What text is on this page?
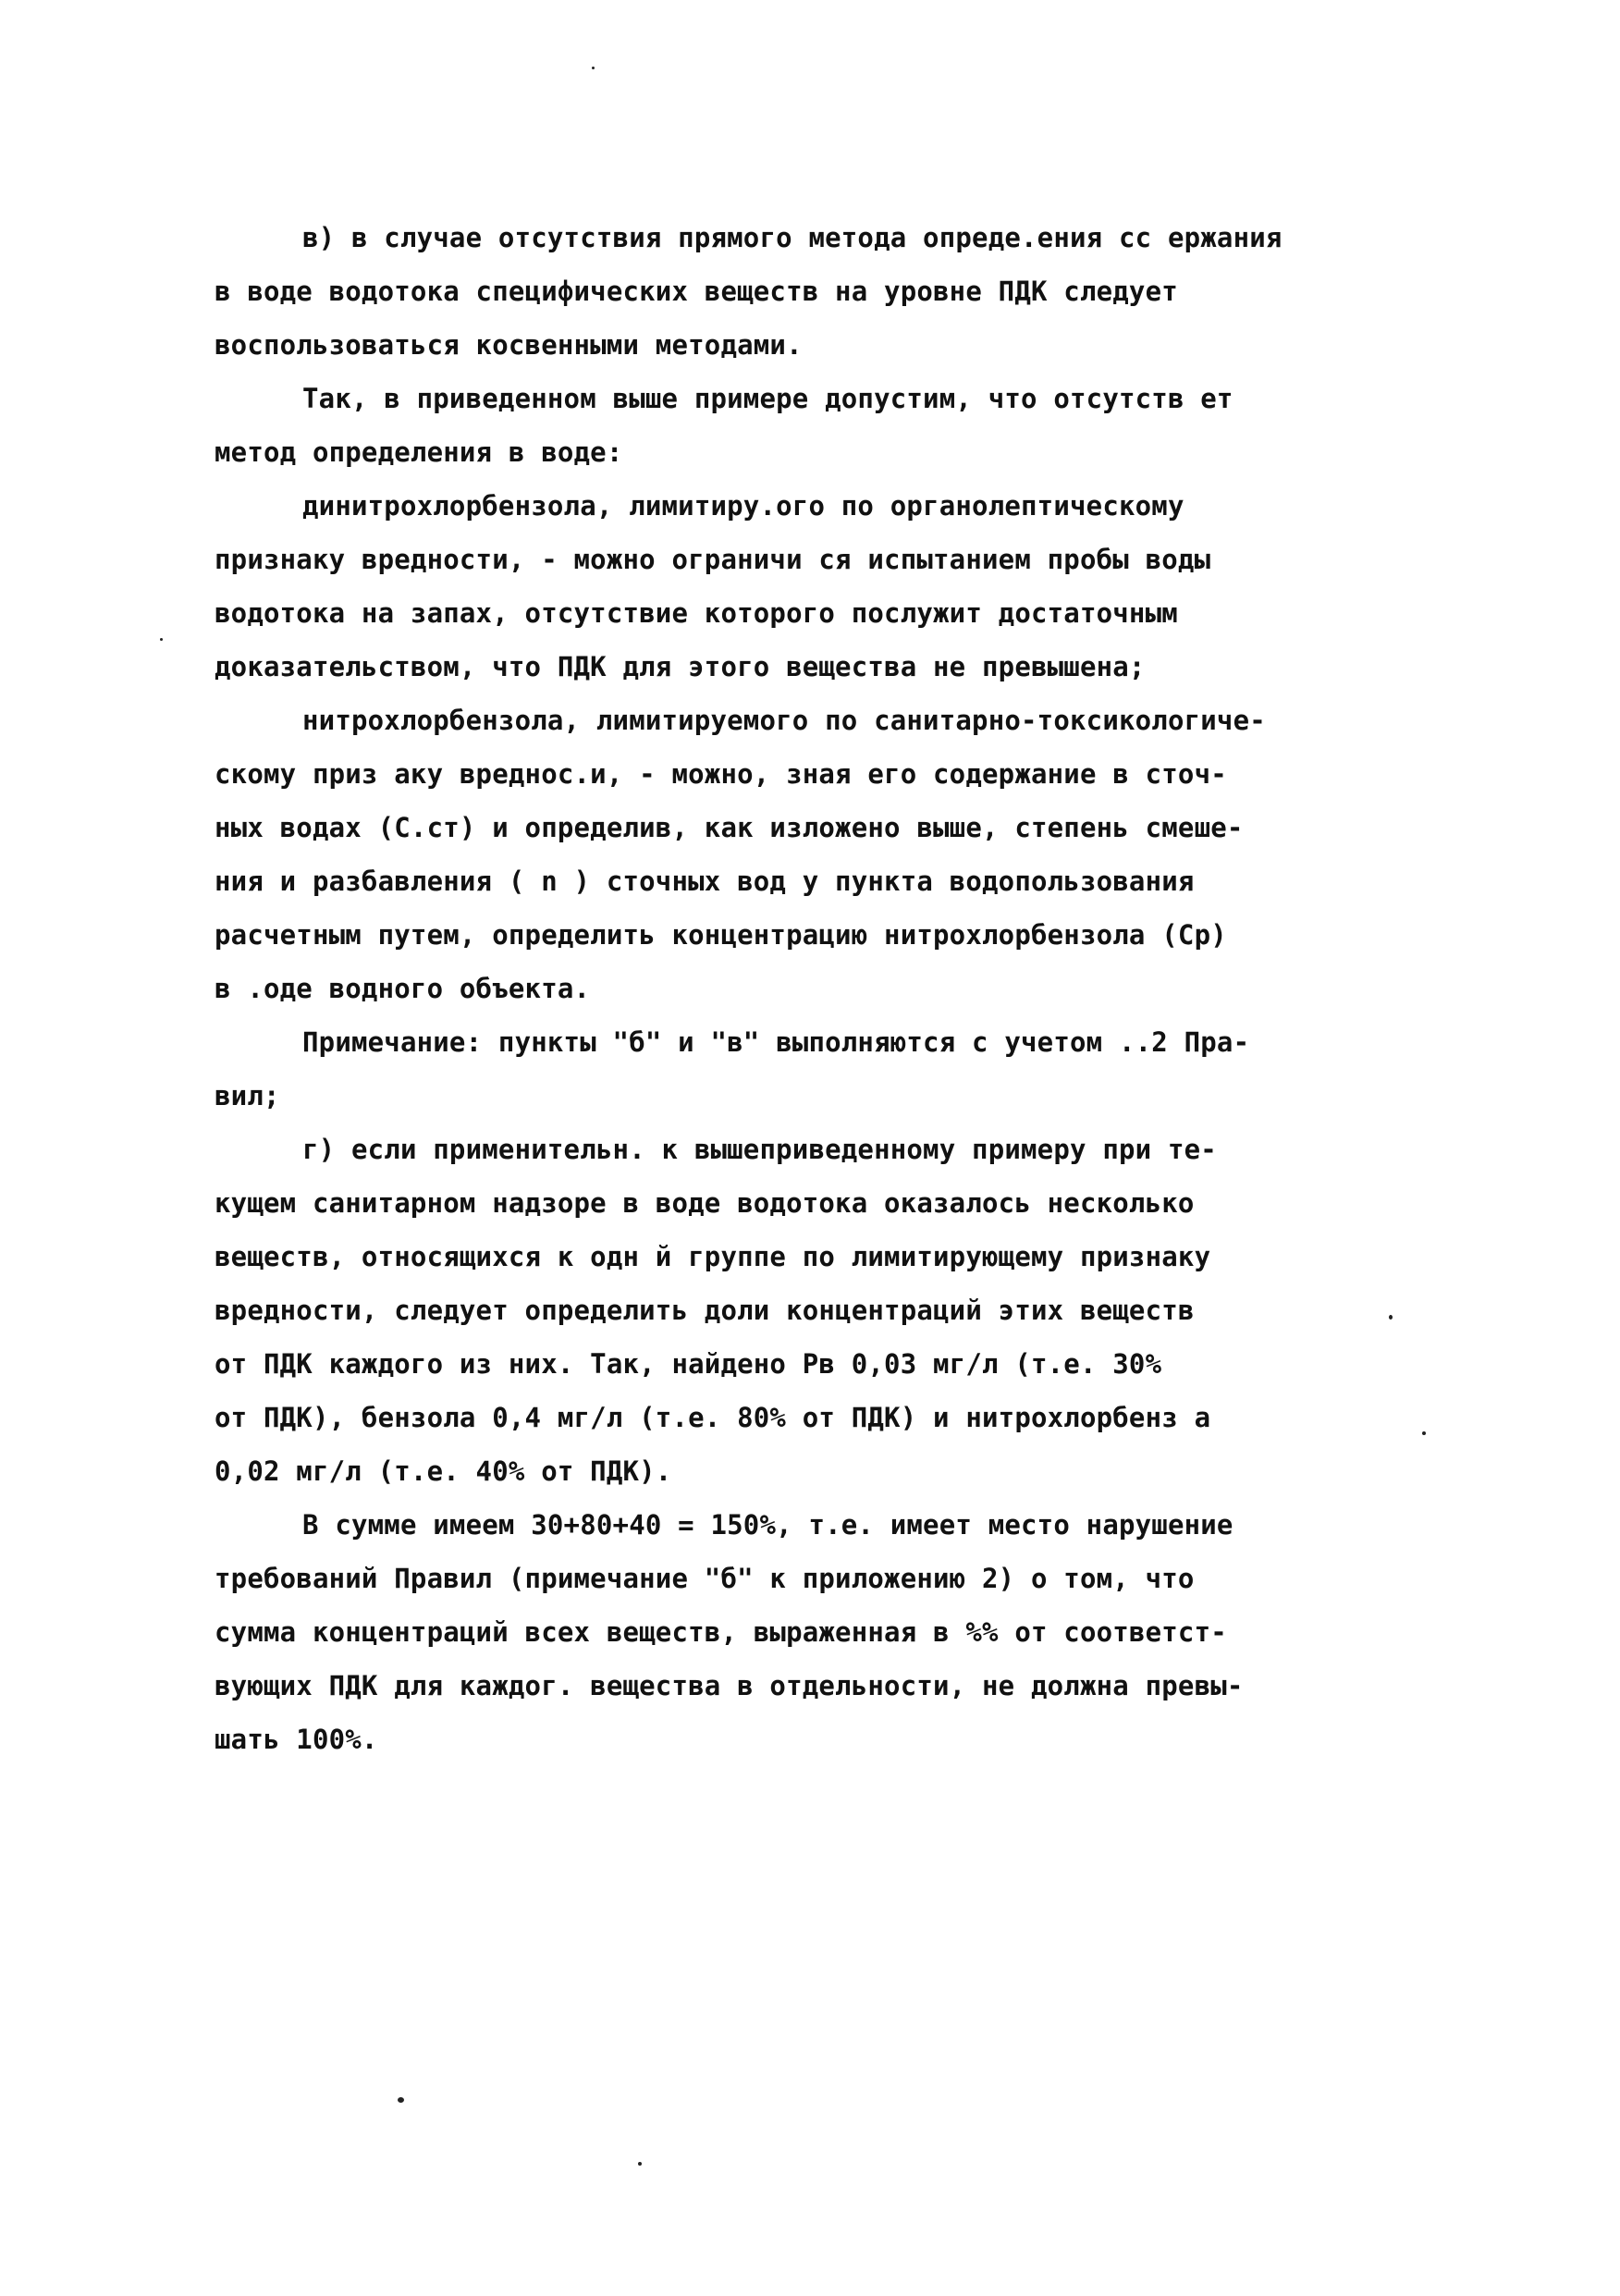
в) в случае отсутствия прямого метода опреде.ения сс ержания
в воде водотока специфических веществ на уровне ПДК следует
воспользоваться косвенными методами.
Так, в приведенном выше примере допустим, что отсутств ет
метод определения в воде:
динитрохлорбензола, лимитиру.ого по органолептическому
признаку вредности, - можно ограничи ся испытанием пробы воды
водотока на запах, отсутствие которого послужит достаточным
доказательством, что ПДК для этого вещества не превышена;
нитрохлорбензола, лимитируемого по санитарно-токсикологиче-
скому приз аку вреднос.и, - можно, зная его содержание в сточ-
ных водах (С.ст) и определив, как изложено выше, степень смеше-
ния и разбавления ( n ) сточных вод у пункта водопользования
расчетным путем, определить концентрацию нитрохлорбензола (Ср)
в .оде водного объекта.
Примечание: пункты "б" и "в" выполняются с учетом ..2 Пра-
вил;
г) если применительн. к вышеприведенному примеру при те-
кущем санитарном надзоре в воде водотока оказалось несколько
веществ, относящихся к одн й группе по лимитирующему признаку
вредности, следует определить доли концентраций этих веществ
от ПДК каждого из них. Так, найдено Рв 0,03 мг/л (т.е. 30%
от ПДК), бензола 0,4 мг/л (т.е. 80% от ПДК) и нитрохлорбенз а
0,02 мг/л (т.е. 40% от ПДК).
В сумме имеем 30+80+40 = 150%, т.е. имеет место нарушение
требований Правил (примечание "б" к приложению 2) о том, что
сумма концентраций всех веществ, выраженная в %% от соответст-
вующих ПДК для каждог. вещества в отдельности, не должна превы-
шать 100%.
